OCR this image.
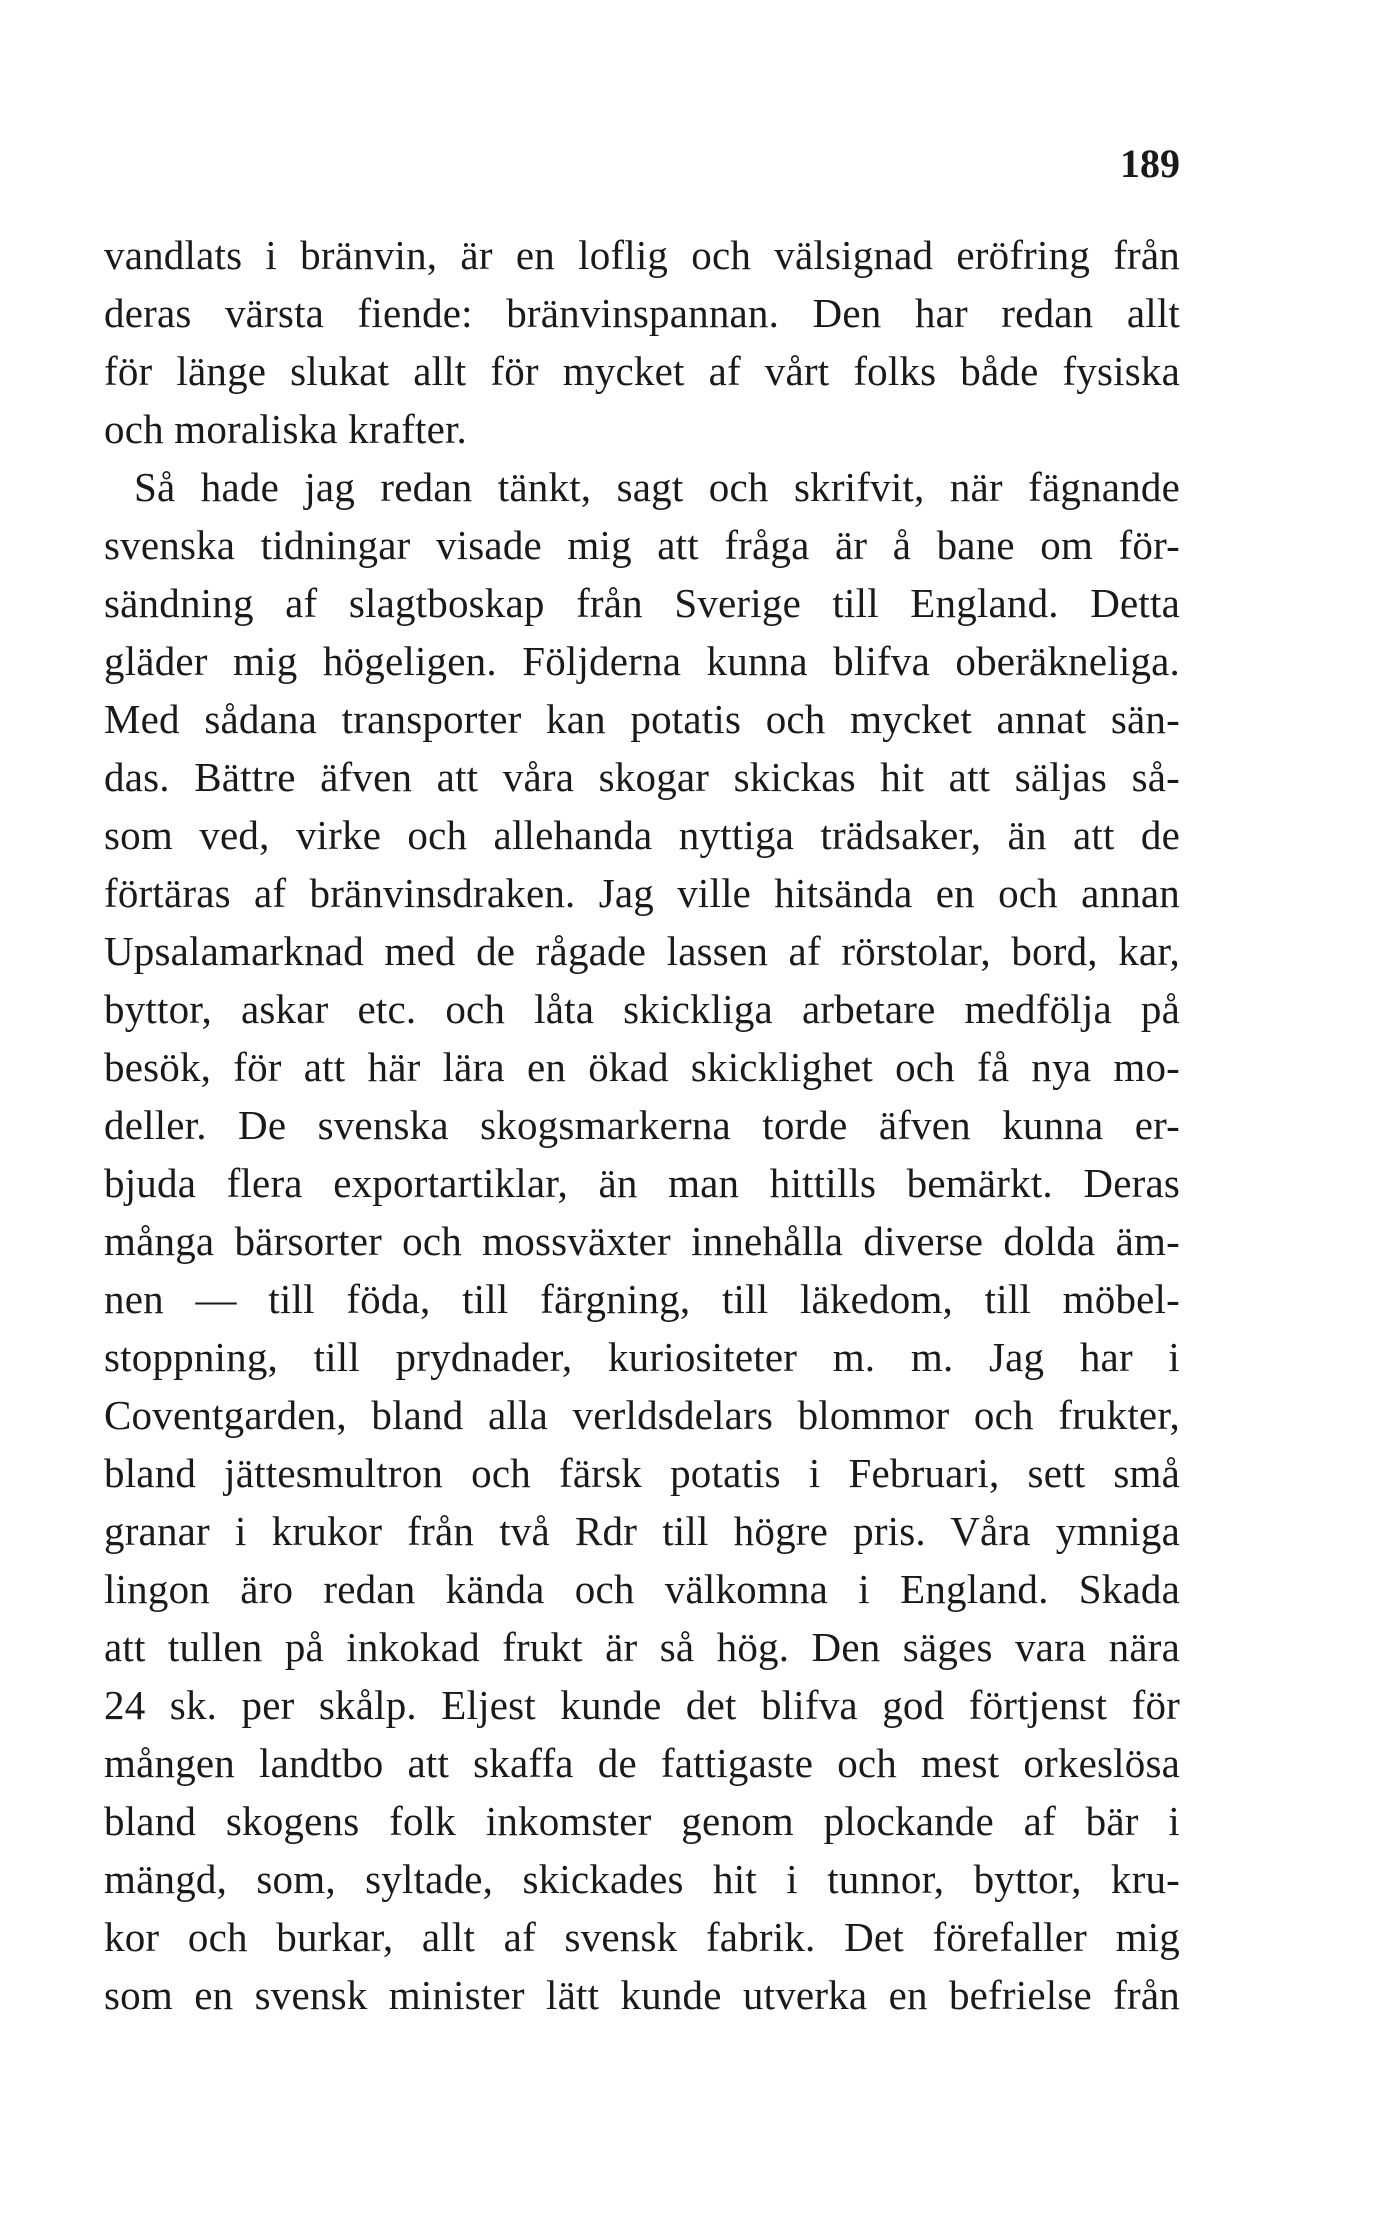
189
vandlats i bränvin, är en loflig och välsignad eröfring från
deras värsta fiende: bränvinspannan. Den har redan allt
för länge slukat allt för mycket af vårt folks både fysiska
och moraliska krafter.
Så hade jag redan tänkt, sagt och skrifvit, när fägnande
svenska tidningar visade mig att fråga är å bane om för-
sändning af slagtboskap från Sverige till England. Detta
gläder mig högeligen. Följderna kunna blifva oberäkneliga.
Med sådana transporter kan potatis och mycket annat sän-
das. Bättre äfven att våra skogar skickas hit att säljas så-
som ved, virke och allehanda nyttiga trädsaker, än att de
förtäras af bränvinsdraken. Jag ville hitsända en och annan
Upsalamarknad med de rågade lassen af rörstolar, bord, kar,
byttor, askar etc. och låta skickliga arbetare medfölja på
besök, för att här lära en ökad skicklighet och få nya mo-
deller. De svenska skogsmarkerna torde äfven kunna er-
bjuda flera exportartiklar, än man hittills bemärkt. Deras
många bärsorter och mossväxter innehålla diverse dolda äm-
nen — till föda, till färgning, till läkedom, till möbel-
stoppning, till prydnader, kuriositeter m. m. Jag har i
Coventgarden, bland alla verldsdelars blommor och frukter,
bland jättesmultron och färsk potatis i Februari, sett små
granar i krukor från två Rdr till högre pris. Våra ymniga
lingon äro redan kända och välkomna i England. Skada
att tullen på inkokad frukt är så hög. Den säges vara nära
24 sk. per skålp. Eljest kunde det blifva god förtjenst för
mången landtbo att skaffa de fattigaste och mest orkeslösa
bland skogens folk inkomster genom plockande af bär i
mängd, som, syltade, skickades hit i tunnor, byttor, kru-
kor och burkar, allt af svensk fabrik. Det förefaller mig
som en svensk minister lätt kunde utverka en befrielse från
